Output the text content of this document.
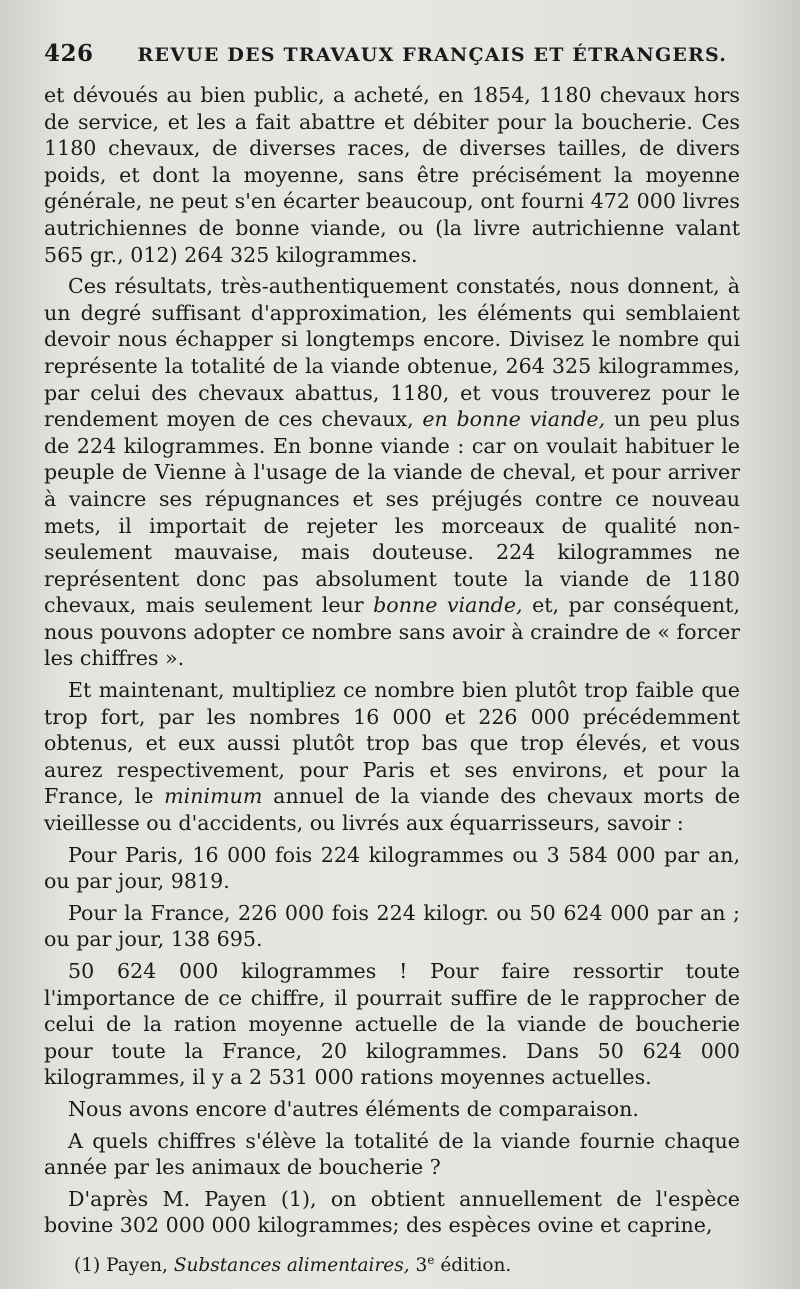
426 REVUE DES TRAVAUX FRANÇAIS ET ÉTRANGERS.

et dévoués au bien public, a acheté, en 1854, 1180 chevaux hors de service, et les a fait abattre et débiter pour la boucherie. Ces 1180 chevaux, de diverses races, de diverses tailles, de divers poids, et dont la moyenne, sans être précisément la moyenne générale, ne peut s'en écarter beaucoup, ont fourni 472 000 livres autrichiennes de bonne viande, ou (la livre autrichienne valant 565 gr., 012) 264 325 kilogrammes.

Ces résultats, très-authentiquement constatés, nous donnent, à un degré suffisant d'approximation, les éléments qui semblaient devoir nous échapper si longtemps encore. Divisez le nombre qui représente la totalité de la viande obtenue, 264 325 kilogrammes, par celui des chevaux abattus, 1180, et vous trouverez pour le rendement moyen de ces chevaux, en bonne viande, un peu plus de 224 kilogrammes. En bonne viande : car on voulait habituer le peuple de Vienne à l'usage de la viande de cheval, et pour arriver à vaincre ses répugnances et ses préjugés contre ce nouveau mets, il importait de rejeter les morceaux de qualité non-seulement mauvaise, mais douteuse. 224 kilogrammes ne représentent donc pas absolument toute la viande de 1180 chevaux, mais seulement leur bonne viande, et, par conséquent, nous pouvons adopter ce nombre sans avoir à craindre de « forcer les chiffres ».

Et maintenant, multipliez ce nombre bien plutôt trop faible que trop fort, par les nombres 16 000 et 226 000 précédemment obtenus, et eux aussi plutôt trop bas que trop élevés, et vous aurez respectivement, pour Paris et ses environs, et pour la France, le minimum annuel de la viande des chevaux morts de vieillesse ou d'accidents, ou livrés aux équarrisseurs, savoir :

Pour Paris, 16 000 fois 224 kilogrammes ou 3 584 000 par an, ou par jour, 9819.

Pour la France, 226 000 fois 224 kilogr. ou 50 624 000 par an ; ou par jour, 138 695.

50 624 000 kilogrammes ! Pour faire ressortir toute l'importance de ce chiffre, il pourrait suffire de le rapprocher de celui de la ration moyenne actuelle de la viande de boucherie pour toute la France, 20 kilogrammes. Dans 50 624 000 kilogrammes, il y a 2 531 000 rations moyennes actuelles.

Nous avons encore d'autres éléments de comparaison.

A quels chiffres s'élève la totalité de la viande fournie chaque année par les animaux de boucherie ?

D'après M. Payen (1), on obtient annuellement de l'espèce bovine 302 000 000 kilogrammes; des espèces ovine et caprine,

(1) Payen, Substances alimentaires, 3e édition.
